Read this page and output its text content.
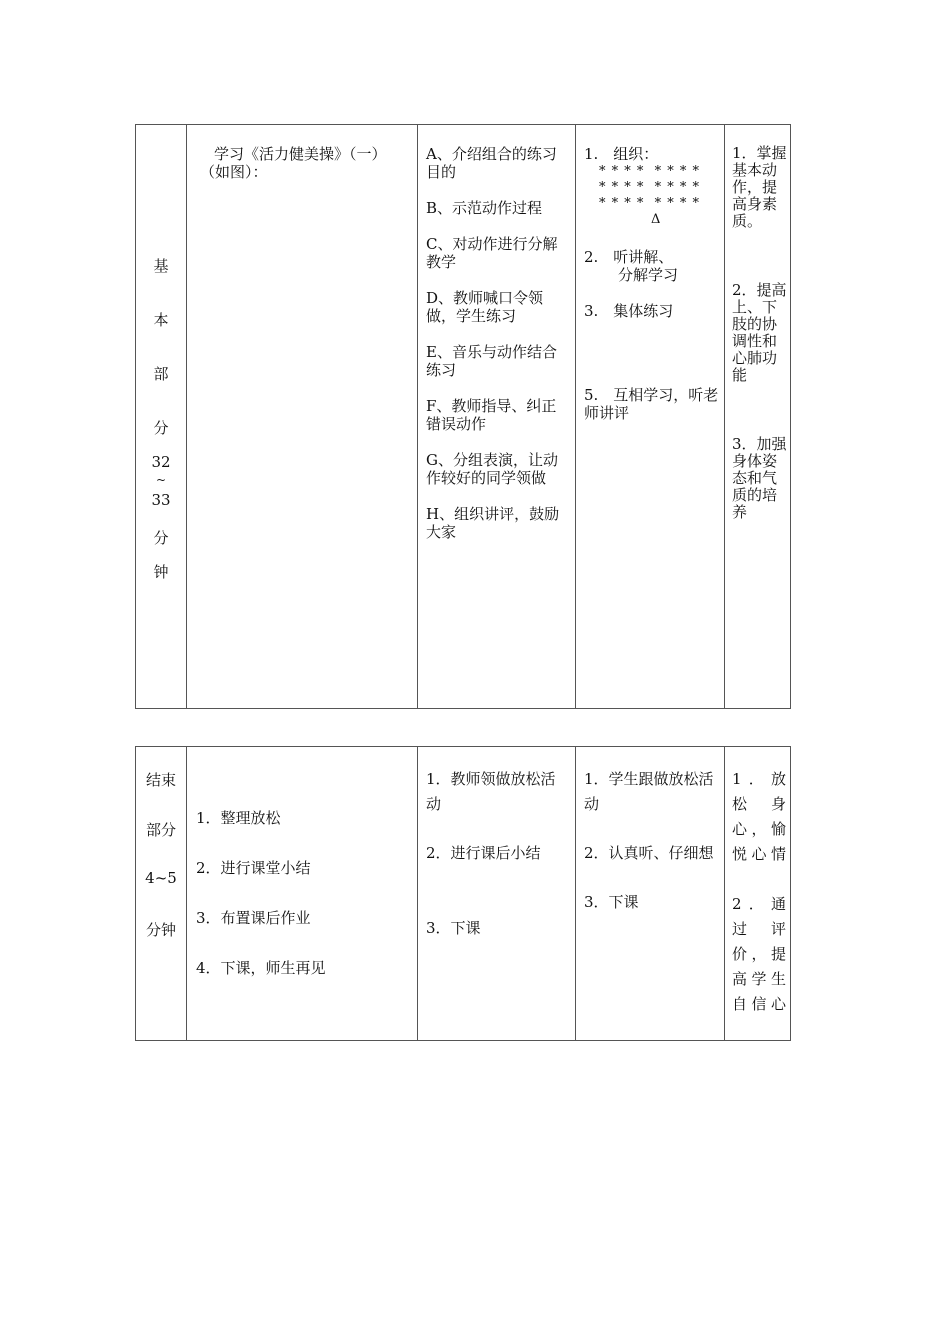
基
本
部
分
32
~
33
分
钟
学习《活力健美操》（一）
（如图）：
A、介绍组合的练习目的
B、示范动作过程
C、对动作进行分解教学
D、教师喊口令领做，学生练习
E、音乐与动作结合练习
F、教师指导、纠正错误动作
G、分组表演，让动作较好的同学领做
H、组织讲评，鼓励大家
1.　组织：
* * * *  * * * *
* * * *  * * * *
* * * *  * * * *
Δ
2.　听讲解、
分解学习
3.　集体练习
5.　互相学习，听老师讲评
1．掌握基本动作，提高身素质。
2．提高上、下肢的协调性和心肺功能
3．加强身体姿态和气质的培养
结束
部分
4~5
分钟
1．整理放松
2．进行课堂小结
3．布置课后作业
4．下课，师生再见
1．教师领做放松活动
2．进行课后小结
3．下课
1．学生跟做放松活动
2．认真听、仔细想
3．下课
1．放松身心，愉悦心情
2．通过评价，提高学生自信心
